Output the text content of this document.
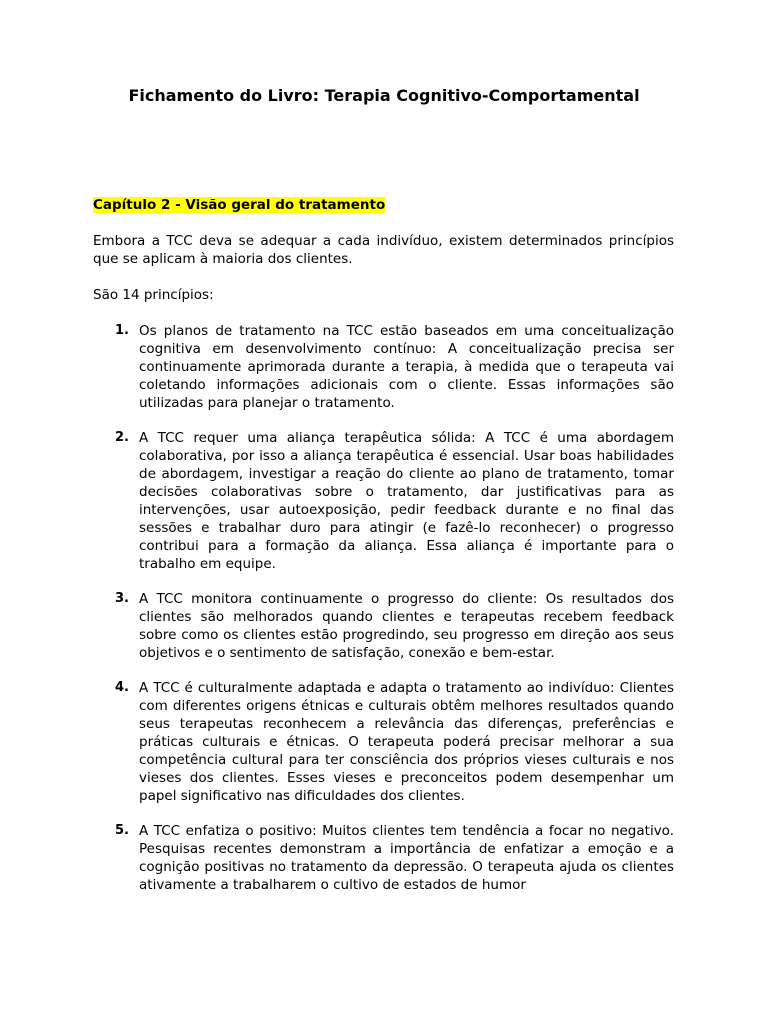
Fichamento do Livro: Terapia Cognitivo-Comportamental
Capítulo 2 - Visão geral do tratamento

Embora a TCC deva se adequar a cada indivíduo, existem determinados princípios que se aplicam à maioria dos clientes.

São 14 princípios:

1. Os planos de tratamento na TCC estão baseados em uma conceitualização cognitiva em desenvolvimento contínuo: A conceitualização precisa ser continuamente aprimorada durante a terapia, à medida que o terapeuta vai coletando informações adicionais com o cliente. Essas informações são utilizadas para planejar o tratamento.

2. A TCC requer uma aliança terapêutica sólida: A TCC é uma abordagem colaborativa, por isso a aliança terapêutica é essencial. Usar boas habilidades de abordagem, investigar a reação do cliente ao plano de tratamento, tomar decisões colaborativas sobre o tratamento, dar justificativas para as intervenções, usar autoexposição, pedir feedback durante e no final das sessões e trabalhar duro para atingir (e fazê-lo reconhecer) o progresso contribui para a formação da aliança. Essa aliança é importante para o trabalho em equipe.

3. A TCC monitora continuamente o progresso do cliente: Os resultados dos clientes são melhorados quando clientes e terapeutas recebem feedback sobre como os clientes estão progredindo, seu progresso em direção aos seus objetivos e o sentimento de satisfação, conexão e bem-estar.

4. A TCC é culturalmente adaptada e adapta o tratamento ao indivíduo: Clientes com diferentes origens étnicas e culturais obtêm melhores resultados quando seus terapeutas reconhecem a relevância das diferenças, preferências e práticas culturais e étnicas. O terapeuta poderá precisar melhorar a sua competência cultural para ter consciência dos próprios vieses culturais e nos vieses dos clientes. Esses vieses e preconceitos podem desempenhar um papel significativo nas dificuldades dos clientes.

5. A TCC enfatiza o positivo: Muitos clientes tem tendência a focar no negativo. Pesquisas recentes demonstram a importância de enfatizar a emoção e a cognição positivas no tratamento da depressão. O terapeuta ajuda os clientes ativamente a trabalharem o cultivo de estados de humor
